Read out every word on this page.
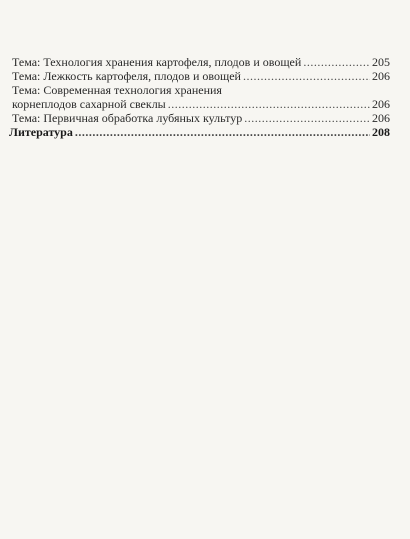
Тема: Технология хранения картофеля, плодов и овощей .....	205
Тема: Лежкость картофеля, плодов и овощей .....	206
Тема: Современная технология хранения
корнеплодов сахарной свеклы .....	206
Тема: Первичная обработка лубяных культур .....	206
Литература .....	208
